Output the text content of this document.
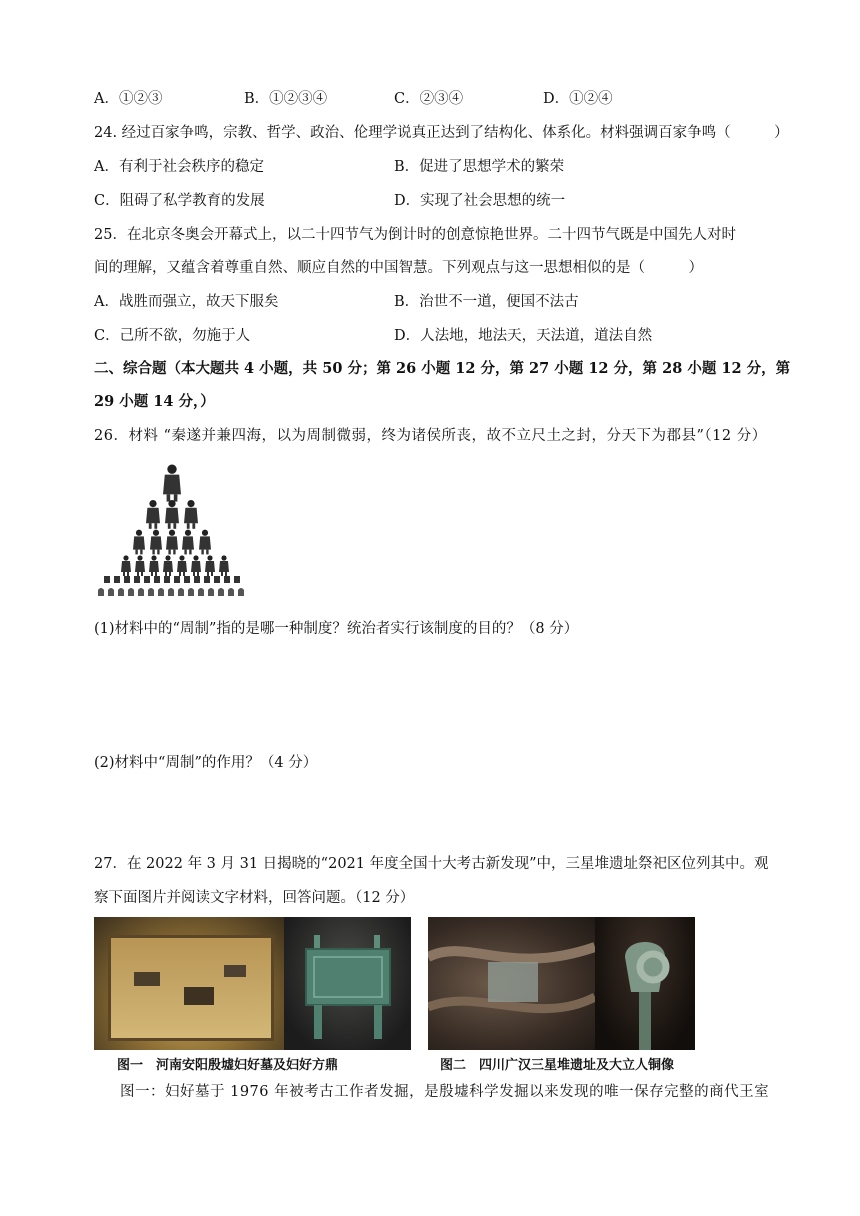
A．①②③	B．①②③④	C．②③④	D．①②④
24. 经过百家争鸣，宗教、哲学、政治、伦理学说真正达到了结构化、体系化。材料强调百家争鸣（　　　）
A．有利于社会秩序的稳定	B．促进了思想学术的繁荣
C．阻碍了私学教育的发展	D．实现了社会思想的统一
25．在北京冬奥会开幕式上，以二十四节气为倒计时的创意惊艳世界。二十四节气既是中国先人对时
间的理解，又蕴含着尊重自然、顺应自然的中国智慧。下列观点与这一思想相似的是（　　　）
A．战胜而强立，故天下服矣	B．治世不一道，便国不法古
C．己所不欲，勿施于人	D．人法地，地法天，天法道，道法自然
二、综合题（本大题共 4 小题，共 50 分；第 26 小题 12 分，第 27 小题 12 分，第 28 小题 12 分，第
29 小题 14 分，）
26．材料 “秦遂并兼四海，以为周制微弱，终为诸侯所丧，故不立尺土之封，分天下为郡县”（12 分）
(1)材料中的“周制”指的是哪一种制度？统治者实行该制度的目的？（8 分）
(2)材料中“周制”的作用？（4 分）
27．在 2022 年 3 月 31 日揭晓的“2021 年度全国十大考古新发现”中，三星堆遗址祭祀区位列其中。观
察下面图片并阅读文字材料，回答问题。（12 分）
图一　河南安阳殷墟妇好墓及妇好方鼎	图二　四川广汉三星堆遗址及大立人铜像
图一：妇好墓于 1976 年被考古工作者发掘，是殷墟科学发掘以来发现的唯一保存完整的商代王室
